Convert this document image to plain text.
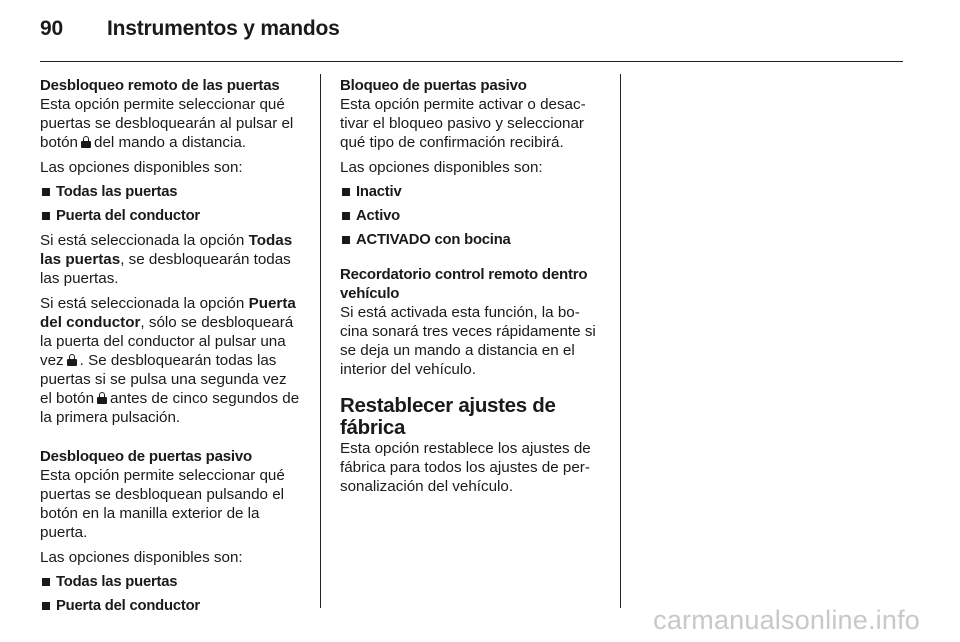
90 Instrumentos y mandos
Desbloqueo remoto de las puertas

Esta opción permite seleccionar qué puertas se desbloquearán al pulsar el botón del mando a distancia.

Las opciones disponibles son:

Todas las puertas
Puerta del conductor

Si está seleccionada la opción Todas las puertas, se desbloquearán todas las puertas.

Si está seleccionada la opción Puerta del conductor, sólo se desbloqueará la puerta del conductor al pulsar una vez . Se desbloquearán todas las puertas si se pulsa una segunda vez el botón antes de cinco segundos de la primera pulsación.

Desbloqueo de puertas pasivo

Esta opción permite seleccionar qué puertas se desbloquean pulsando el botón en la manilla exterior de la puerta.

Las opciones disponibles son:

Todas las puertas
Puerta del conductor
Bloqueo de puertas pasivo

Esta opción permite activar o desac-tivar el bloqueo pasivo y seleccionar qué tipo de confirmación recibirá.

Las opciones disponibles son:

Inactiv
Activo
ACTIVADO con bocina
Recordatorio control remoto dentro vehículo

Si está activada esta función, la bo-cina sonará tres veces rápidamente si se deja un mando a distancia en el interior del vehículo.

Restablecer ajustes de fábrica

Esta opción restablece los ajustes de fábrica para todos los ajustes de per-sonalización del vehículo.

carmanualsonline.info
